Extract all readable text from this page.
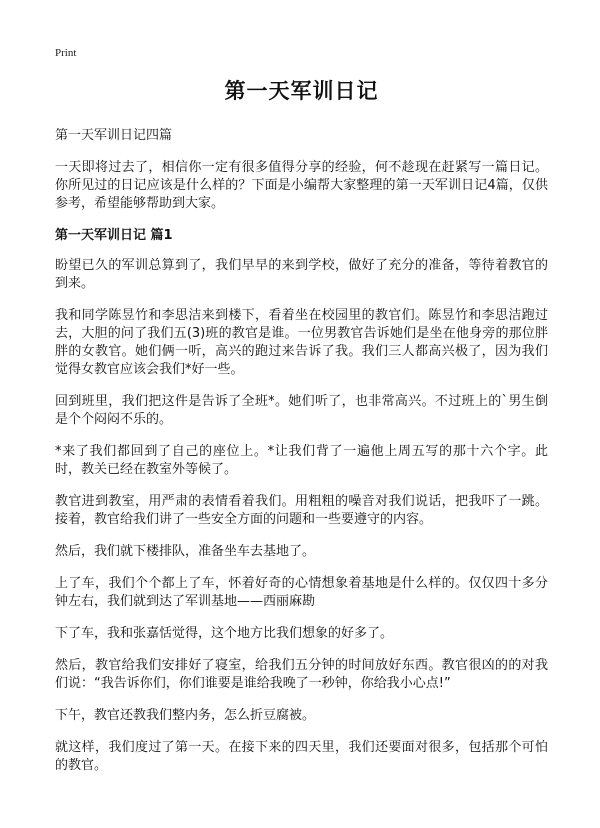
Print
第一天军训日记

第一天军训日记四篇

一天即将过去了，相信你一定有很多值得分享的经验，何不趁现在赶紧写一篇日记。你所见过的日记应该是什么样的？下面是小编帮大家整理的第一天军训日记4篇，仅供参考，希望能够帮助到大家。

第一天军训日记 篇1

盼望已久的军训总算到了，我们早早的来到学校，做好了充分的准备，等待着教官的到来。

我和同学陈昱竹和李思洁来到楼下，看着坐在校园里的教官们。陈昱竹和李思洁跑过去，大胆的问了我们五(3)班的教官是谁。一位男教官告诉她们是坐在他身旁的那位胖胖的女教官。她们俩一听，高兴的跑过来告诉了我。我们三人都高兴极了，因为我们觉得女教官应该会我们*好一些。

回到班里，我们把这件是告诉了全班*。她们听了，也非常高兴。不过班上的`男生倒是个个闷闷不乐的。

*来了我们都回到了自己的座位上。*让我们背了一遍他上周五写的那十六个字。此时，教关已经在教室外等候了。

教官进到教室，用严肃的表情看着我们。用粗粗的噪音对我们说话，把我吓了一跳。接着，教官给我们讲了一些安全方面的问题和一些要遵守的内容。

然后，我们就下楼排队，准备坐车去基地了。

上了车，我们个个都上了车，怀着好奇的心情想象着基地是什么样的。仅仅四十多分钟左右，我们就到达了军训基地——西丽麻勘

下了车，我和张嘉恬觉得，这个地方比我们想象的好多了。

然后，教官给我们安排好了寝室，给我们五分钟的时间放好东西。教官很凶的的对我们说：“我告诉你们，你们谁要是谁给我晚了一秒钟，你给我小心点!”

下午，教官还教我们整内务，怎么折豆腐被。

就这样，我们度过了第一天。在接下来的四天里，我们还要面对很多，包括那个可怕的教官。
